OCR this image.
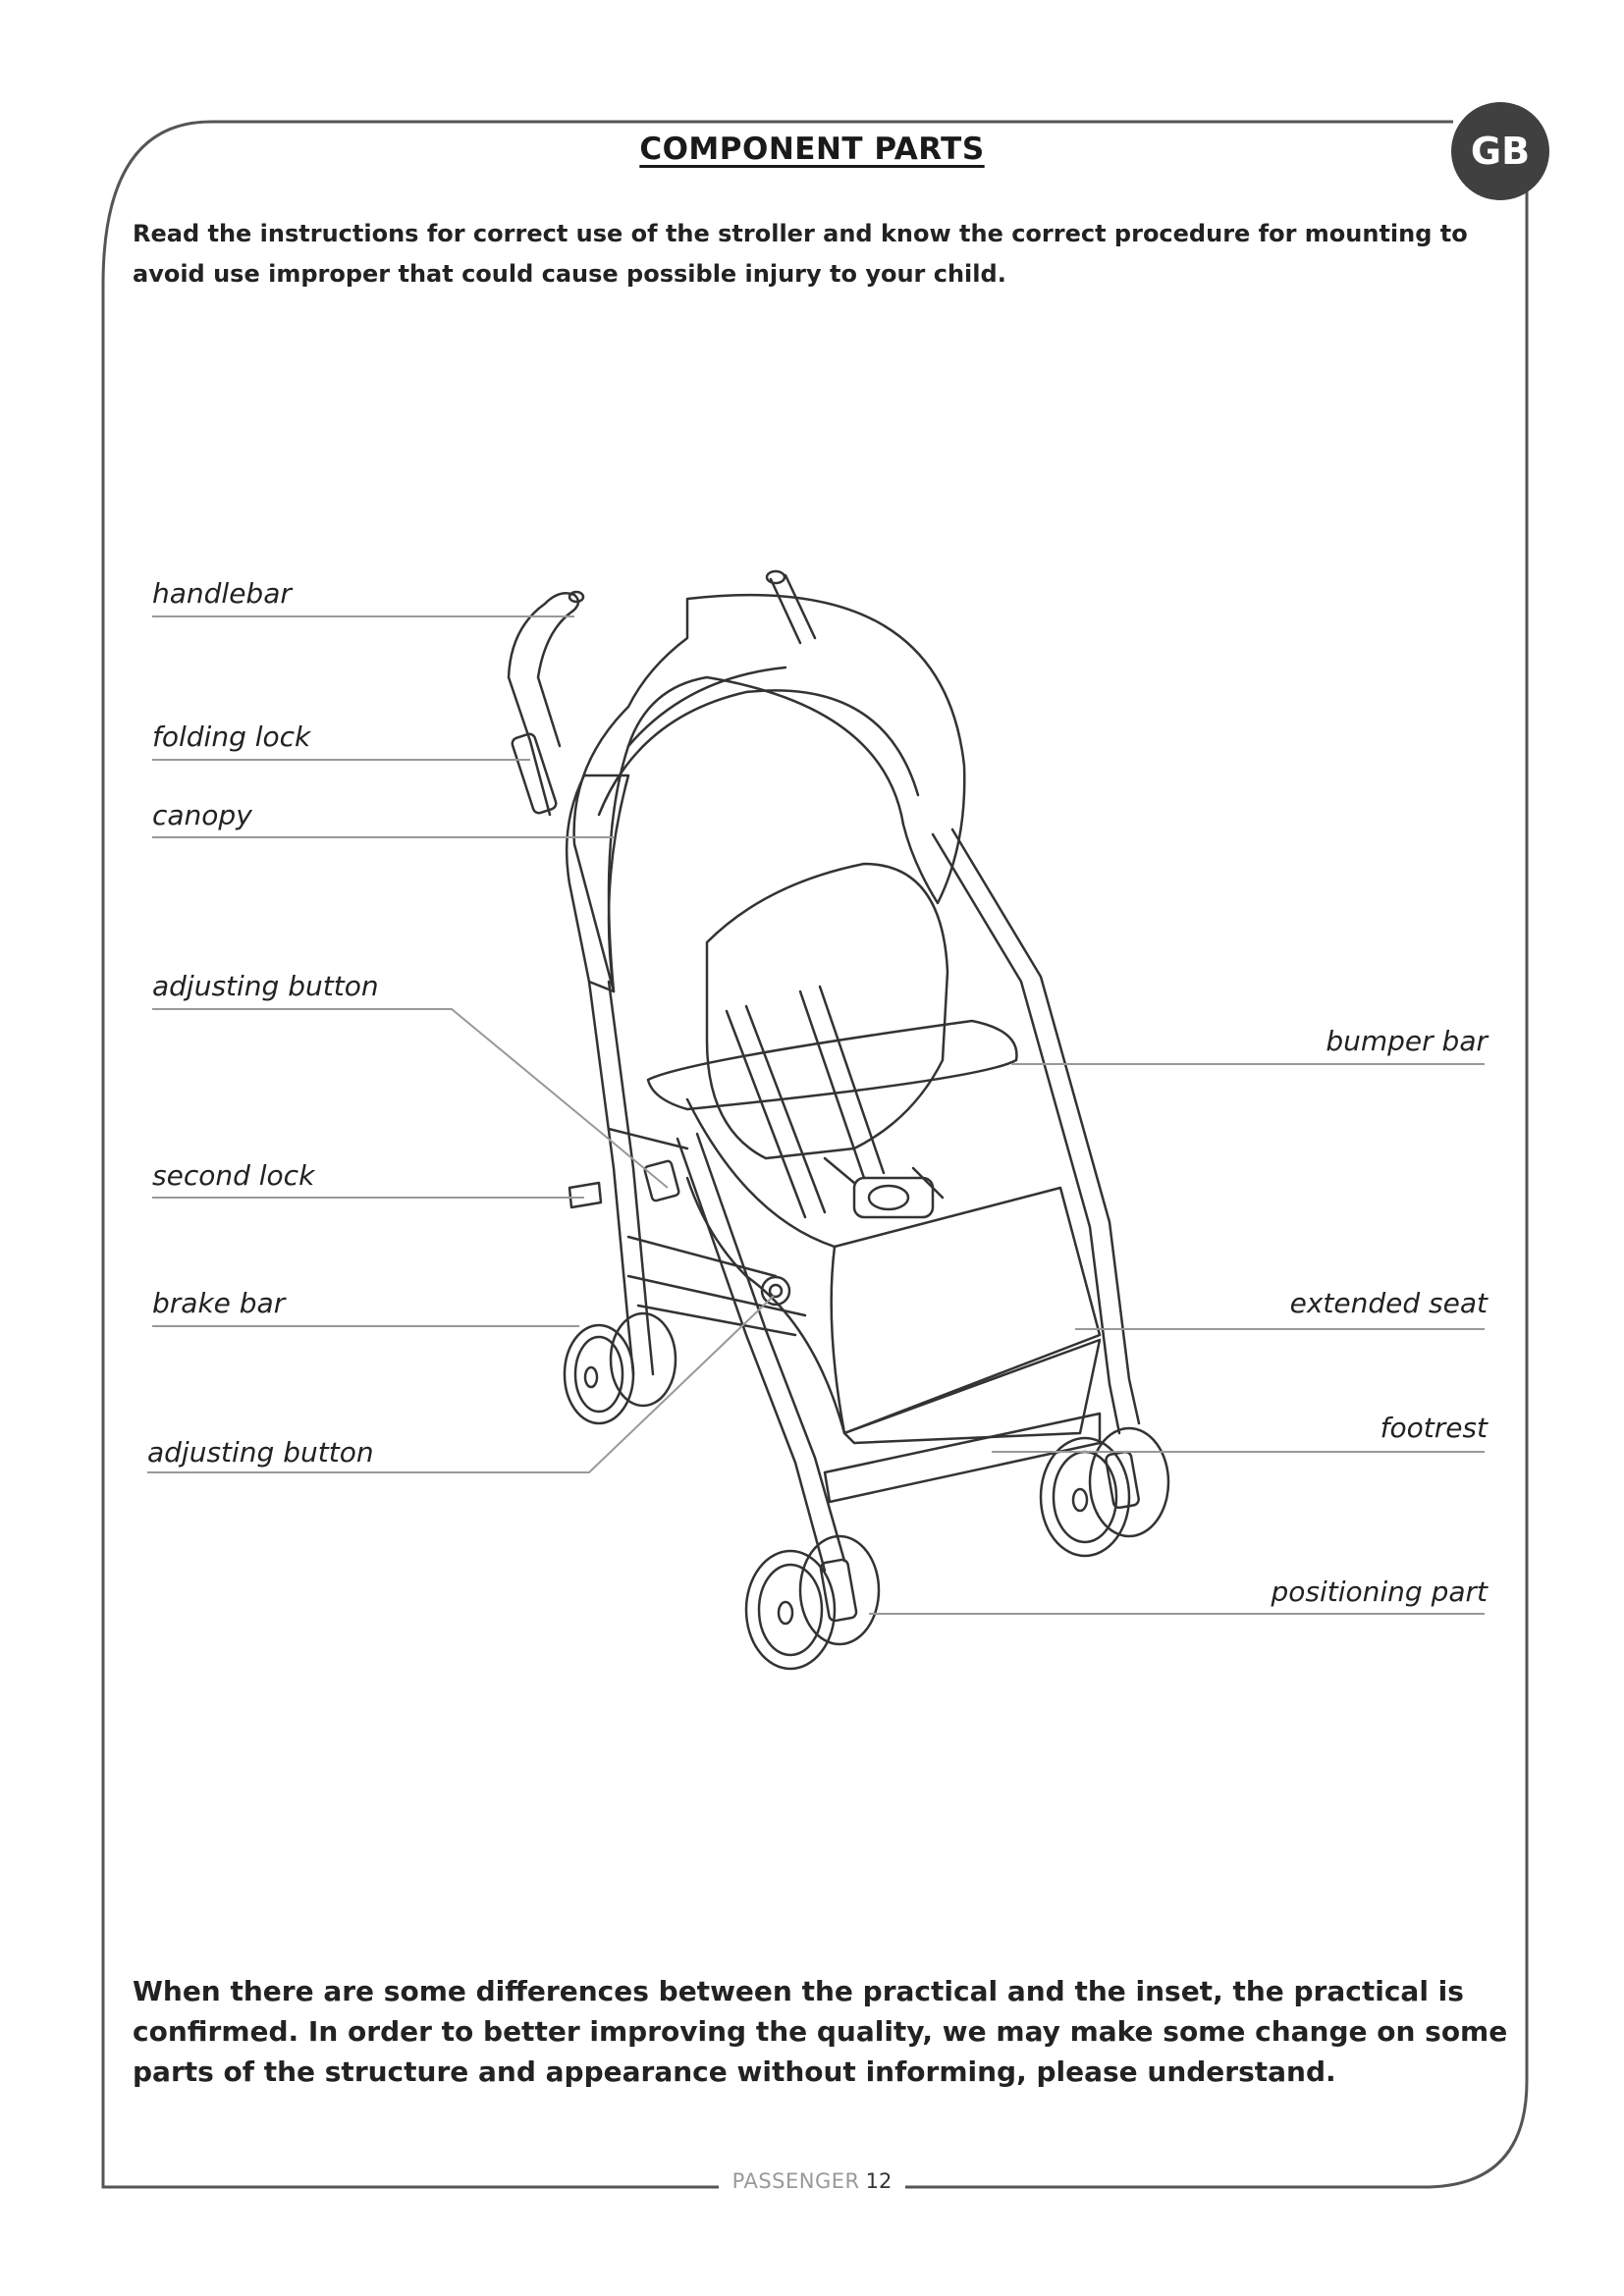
GB
COMPONENT PARTS
Read the instructions for correct use of the stroller and know the correct procedure for mounting to avoid use improper that could cause possible injury to your child.
handlebar
folding lock
canopy
adjusting button
second lock
brake bar
adjusting button
bumper bar
extended seat
footrest
positioning part
When there are some differences between the practical and the inset, the practical is confirmed. In order to better improving the quality, we may make some change on some parts of the structure and appearance without informing, please understand.
PASSENGER 12
